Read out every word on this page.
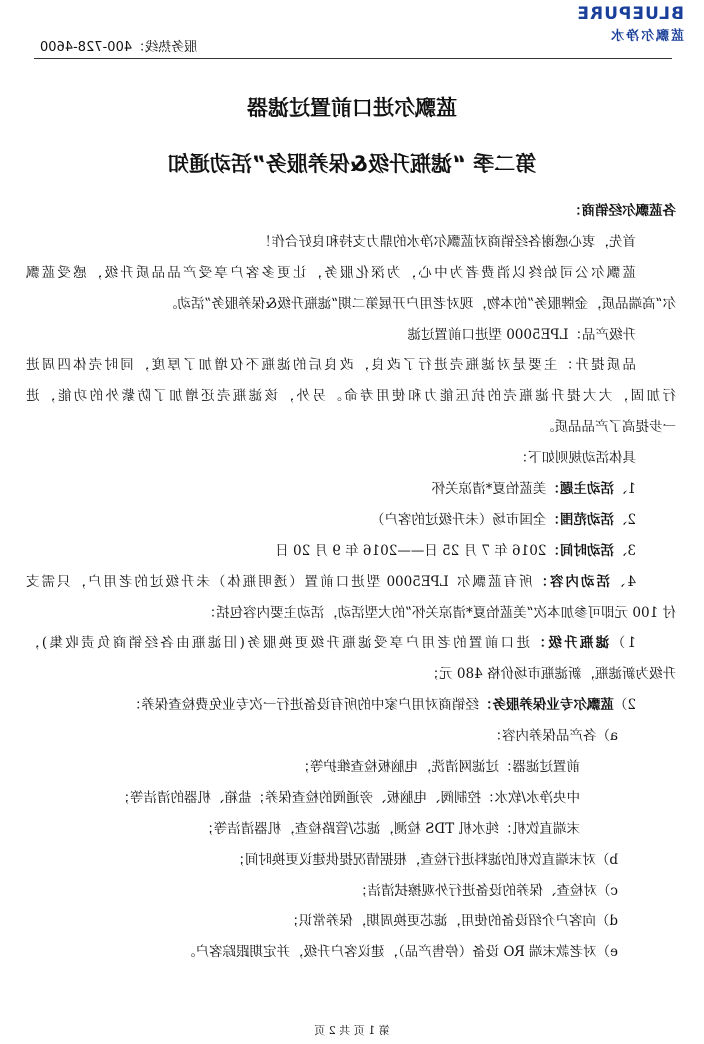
BLUEPURE
蓝飘尔净水
服务热线：400-728-4600
蓝飘尔进口前置过滤器
第二季 “滤瓶升级&保养服务”活动通知
各蓝飘尔经销商：
首先，衷心感谢各经销商对蓝飘尔净水的鼎力支持和良好合作！
蓝飘尔公司始终以消费者为中心，为深化服务，让更多客户享受产品品质升级，感受蓝飘
尔“高端品质，金牌服务”的本物，现对老用户开展第二期“滤瓶升级&保养服务”活动。
升级产品：LPE5000 型进口前置过滤
品质提升：主要是对滤瓶壳进行了改良，改良后的滤瓶不仅增加了厚度，同时壳体四周进
行加固，大大提升滤瓶壳的抗压能力和使用寿命。另外，该滤瓶壳还增加了防紫外的功能，进
一步提高了产品品质。
具体活动规则如下：
1、活动主题：美蓝怡夏*清凉关怀
2、活动范围：全国市场（未升级过的客户）
3、活动时间：2016 年 7 月 25 日——2016 年 9 月 20 日
4、活动内容：所有蓝飘尔 LPE5000 型进口前置（透明瓶体）未升级过的老用户，只需支
付 100 元即可参加本次“美蓝怡夏*清凉关怀”的大型活动，活动主要内容包括：
1）滤瓶升级：进口前置的老用户享受滤瓶升级更换服务(旧滤瓶由各经销商负责收集)，
升级为新滤瓶，新滤瓶市场价格 480 元；
2）蓝飘尔专业保养服务：经销商对用户家中的所有设备进行一次专业免费检查保养：
a）各产品保养内容：
前置过滤器：过滤网清洗，电脑板检查维护等；
中央净水/软水：控制阀、电脑板、旁通阀的检查保养；盐箱、机器的清洁等；
末端直饮机：纯水机 TDS 检测，滤芯/管路检查，机器清洁等；
b）对末端直饮机的滤料进行检查，根据情况提供建议更换时间；
c）对检查、保养的设备进行外观擦拭清洁；
d）向客户介绍设备的使用，滤芯更换周期，保养常识；
e）对老款末端 RO 设备（停售产品），建议客户升级，并定期跟踪客户。
第 1 页 共 2 页
